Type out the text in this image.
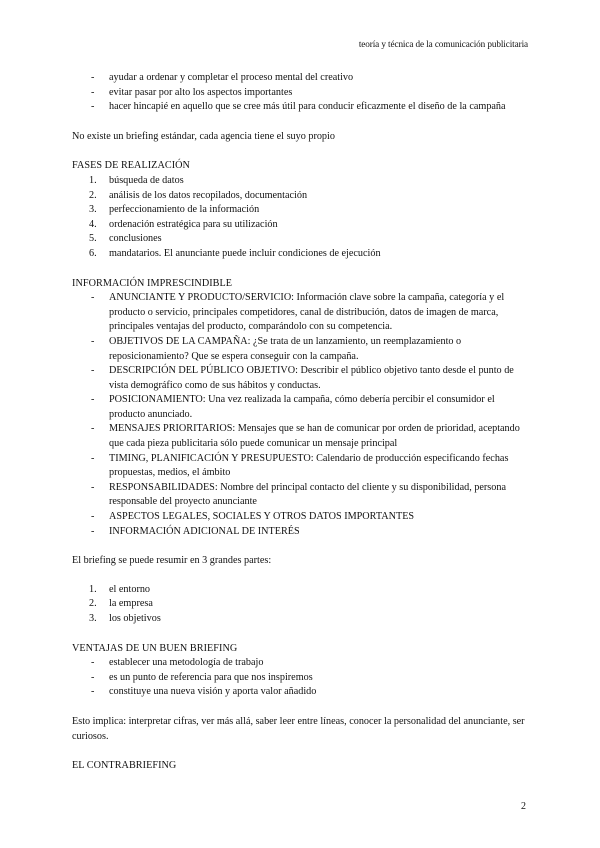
teoría y técnica de la comunicación publicitaria
-	ayudar a ordenar y completar el proceso mental del creativo
-	evitar pasar por alto los aspectos importantes
-	hacer hincapié en aquello que se cree más útil para conducir eficazmente el diseño de la campaña

No existe un briefing estándar, cada agencia tiene el suyo propio

FASES DE REALIZACIÓN

1.	búsqueda de datos
2.	análisis de los datos recopilados, documentación
3.	perfeccionamiento de la información
4.	ordenación estratégica para su utilización
5.	conclusiones
6.	mandatarios. El anunciante puede incluir condiciones de ejecución

INFORMACIÓN IMPRESCINDIBLE

-	ANUNCIANTE Y PRODUCTO/SERVICIO: Información clave sobre la campaña, categoría y el producto o servicio, principales competidores, canal de distribución, datos de imagen de marca, principales ventajas del producto, comparándolo con su competencia.
-	OBJETIVOS DE LA CAMPAÑA: ¿Se trata de un lanzamiento, un reemplazamiento o reposicionamiento? Que se espera conseguir con la campaña.
-	DESCRIPCIÓN DEL PÚBLICO OBJETIVO: Describir el público objetivo tanto desde el punto de vista demográfico como de sus hábitos y conductas.
-	POSICIONAMIENTO: Una vez realizada la campaña, cómo debería percibir el consumidor el producto anunciado.
-	MENSAJES PRIORITARIOS: Mensajes que se han de comunicar por orden de prioridad, aceptando que cada pieza publicitaria sólo puede comunicar un mensaje principal
-	TIMING, PLANIFICACIÓN Y PRESUPUESTO: Calendario de producción especificando fechas propuestas, medios, el ámbito
-	RESPONSABILIDADES: Nombre del principal contacto del cliente y su disponibilidad, persona responsable del proyecto anunciante
-	ASPECTOS LEGALES, SOCIALES Y OTROS DATOS IMPORTANTES
-	INFORMACIÓN ADICIONAL DE INTERÉS

El briefing se puede resumir en 3 grandes partes:

1.	el entorno
2.	la empresa
3.	los objetivos

VENTAJAS DE UN BUEN BRIEFING

-	establecer una metodología de trabajo
-	es un punto de referencia para que nos inspiremos
-	constituye una nueva visión y aporta valor añadido

Esto implica: interpretar cifras, ver más allá, saber leer entre líneas, conocer la personalidad del anunciante, ser curiosos.

EL CONTRABRIEFING

2
